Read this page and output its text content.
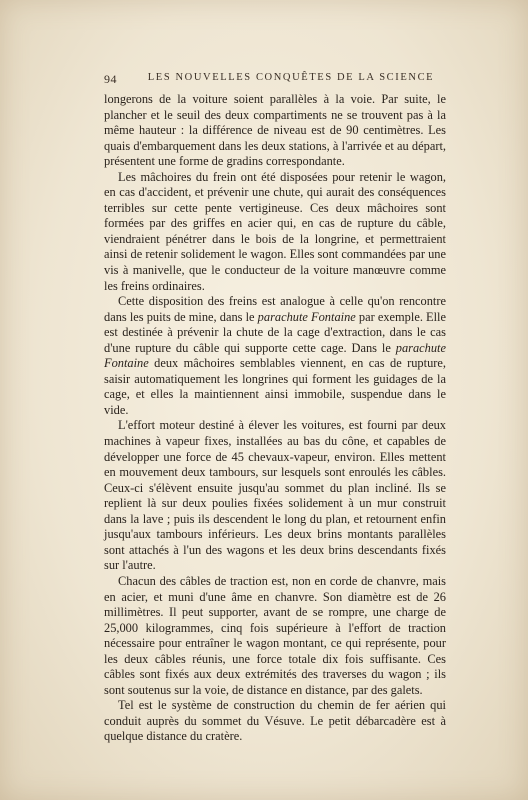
94	LES NOUVELLES CONQUÊTES DE LA SCIENCE

longerons de la voiture soient parallèles à la voie. Par suite, le plancher et le seuil des deux compartiments ne se trouvent pas à la même hauteur : la différence de niveau est de 90 centimètres. Les quais d'embarquement dans les deux stations, à l'arrivée et au départ, présentent une forme de gradins correspondante.

Les mâchoires du frein ont été disposées pour retenir le wagon, en cas d'accident, et prévenir une chute, qui aurait des conséquences terribles sur cette pente vertigineuse. Ces deux mâchoires sont formées par des griffes en acier qui, en cas de rupture du câble, viendraient pénétrer dans le bois de la longrine, et permettraient ainsi de retenir solidement le wagon. Elles sont commandées par une vis à manivelle, que le conducteur de la voiture manœuvre comme les freins ordinaires.

Cette disposition des freins est analogue à celle qu'on rencontre dans les puits de mine, dans le parachute Fontaine par exemple. Elle est destinée à prévenir la chute de la cage d'extraction, dans le cas d'une rupture du câble qui supporte cette cage. Dans le parachute Fontaine deux mâchoires semblables viennent, en cas de rupture, saisir automatiquement les longrines qui forment les guidages de la cage, et elles la maintiennent ainsi immobile, suspendue dans le vide.

L'effort moteur destiné à élever les voitures, est fourni par deux machines à vapeur fixes, installées au bas du cône, et capables de développer une force de 45 chevaux-vapeur, environ. Elles mettent en mouvement deux tambours, sur lesquels sont enroulés les câbles. Ceux-ci s'élèvent ensuite jusqu'au sommet du plan incliné. Ils se replient là sur deux poulies fixées solidement à un mur construit dans la lave ; puis ils descendent le long du plan, et retournent enfin jusqu'aux tambours inférieurs. Les deux brins montants parallèles sont attachés à l'un des wagons et les deux brins descendants fixés sur l'autre.

Chacun des câbles de traction est, non en corde de chanvre, mais en acier, et muni d'une âme en chanvre. Son diamètre est de 26 millimètres. Il peut supporter, avant de se rompre, une charge de 25,000 kilogrammes, cinq fois supérieure à l'effort de traction nécessaire pour entraîner le wagon montant, ce qui représente, pour les deux câbles réunis, une force totale dix fois suffisante. Ces câbles sont fixés aux deux extrémités des traverses du wagon ; ils sont soutenus sur la voie, de distance en distance, par des galets.

Tel est le système de construction du chemin de fer aérien qui conduit auprès du sommet du Vésuve. Le petit débarcadère est à quelque distance du cratère.
